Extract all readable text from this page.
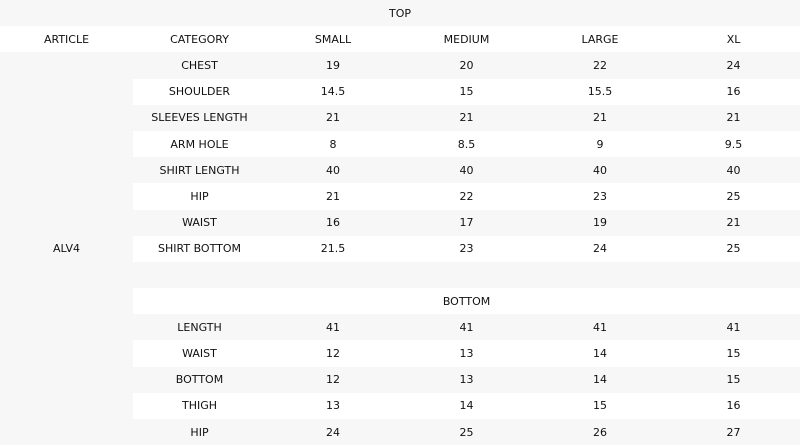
TOP					
ARTICLE	CATEGORY	SMALL	MEDIUM	LARGE	XL
ALV4	CHEST	19	20	22	24
	SHOULDER	14.5	15	15.5	16
	SLEEVES LENGTH	21	21	21	21
	ARM HOLE	8	8.5	9	9.5
	SHIRT LENGTH	40	40	40	40
	HIP	21	22	23	25
	WAIST	16	17	19	21
	SHIRT BOTTOM	21.5	23	24	25

	BOTTOM				
	LENGTH	41	41	41	41
	WAIST	12	13	14	15
	BOTTOM	12	13	14	15
	THIGH	13	14	15	16
	HIP	24	25	26	27
